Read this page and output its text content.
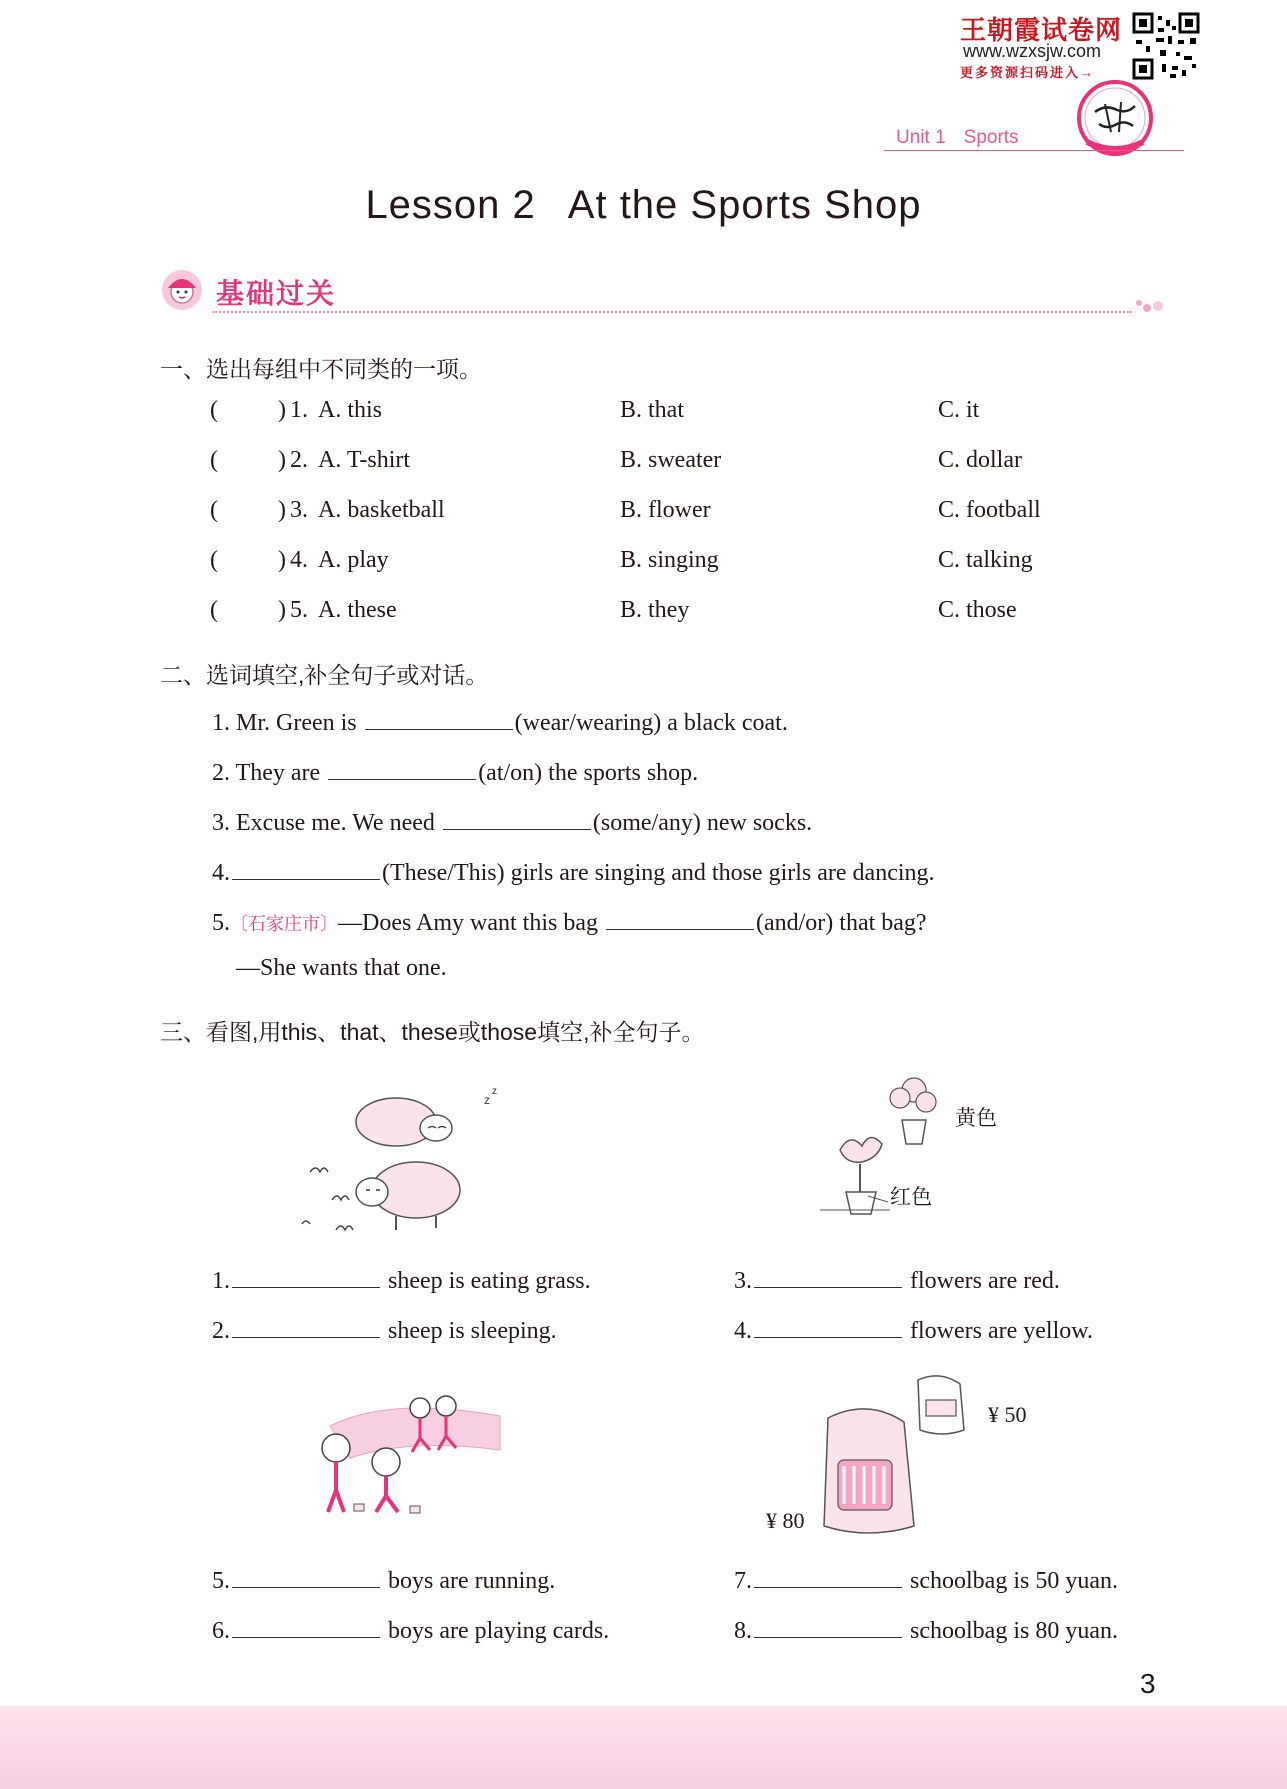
王朝霞试卷网
www.wzxsjw.com
更多资源扫码进入→
Unit 1 Sports
Lesson 2 At the Sports Shop
基础过关
一、选出每组中不同类的一项。
(	) 1. A. this	B. that	C. it
(	) 2. A. T-shirt	B. sweater	C. dollar
(	) 3. A. basketball	B. flower	C. football
(	) 4. A. play	B. singing	C. talking
(	) 5. A. these	B. they	C. those
二、选词填空,补全句子或对话。
1. Mr. Green is	(wear/wearing) a black coat.
2. They are	(at/on) the sports shop.
3. Excuse me. We need	(some/any) new socks.
4.	(These/This) girls are singing and those girls are dancing.
5.〔石家庄市〕—Does Amy want this bag	(and/or) that bag?
—She wants that one.
三、看图,用this、that、these或those填空,补全句子。
z
z
黄色
红色
1.	sheep is eating grass.
2.	sheep is sleeping.
3.	flowers are red.
4.	flowers are yellow.
¥ 50
¥ 80
5.	boys are running.
6.	boys are playing cards.
7.	schoolbag is 50 yuan.
8.	schoolbag is 80 yuan.
3
